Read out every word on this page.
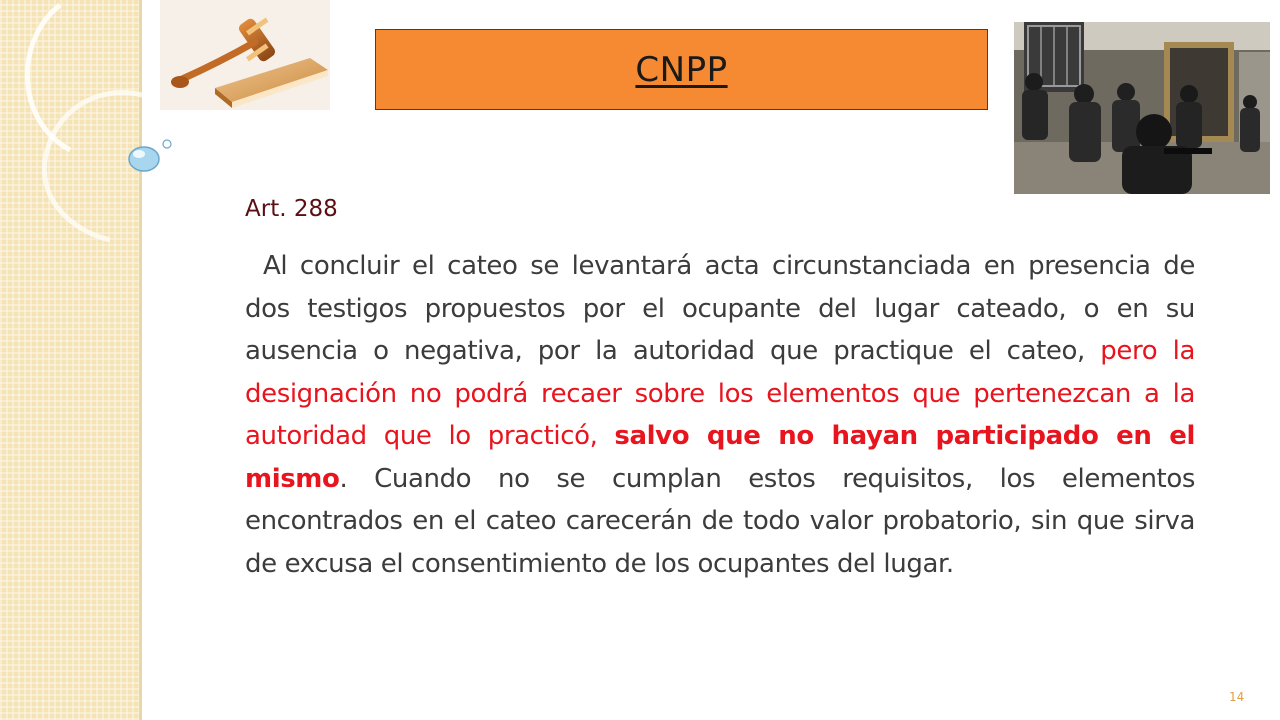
CNPP
Art. 288

Al concluir el cateo se levantará acta circunstanciada en presencia de dos testigos propuestos por el ocupante del lugar cateado, o en su ausencia o negativa, por la autoridad que practique el cateo, pero la designación no podrá recaer sobre los elementos que pertenezcan a la autoridad que lo practicó, salvo que no hayan participado en el mismo. Cuando no se cumplan estos requisitos, los elementos encontrados en el cateo carecerán de todo valor probatorio, sin que sirva de excusa el consentimiento de los ocupantes del lugar.

14
